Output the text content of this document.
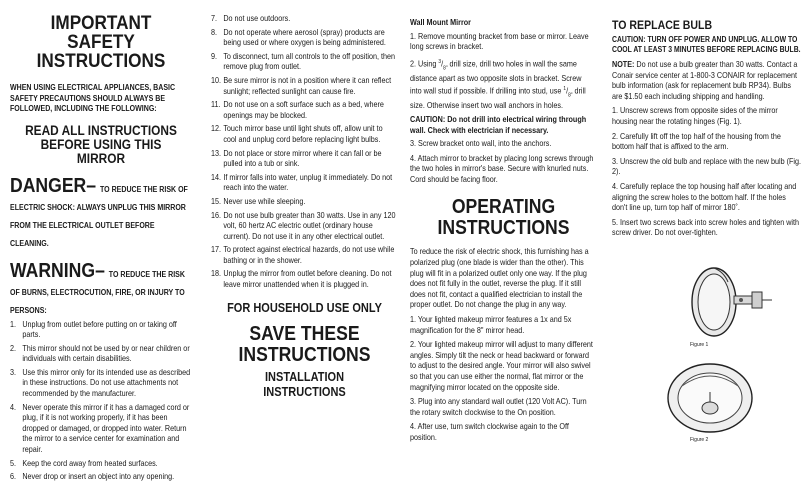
IMPORTANT SAFETY INSTRUCTIONS

WHEN USING ELECTRICAL APPLIANCES, BASIC SAFETY PRECAUTIONS SHOULD ALWAYS BE FOLLOWED, INCLUDING THE FOLLOWING:

READ ALL INSTRUCTIONS BEFORE USING THIS MIRROR
DANGER– TO REDUCE THE RISK OF ELECTRIC SHOCK: ALWAYS UNPLUG THIS MIRROR FROM THE ELECTRICAL OUTLET BEFORE CLEANING.
WARNING– TO REDUCE THE RISK OF BURNS, ELECTROCUTION, FIRE, OR INJURY TO PERSONS:
1. Unplug from outlet before putting on or taking off parts.
2. This mirror should not be used by or near children or individuals with certain disabilities.
3. Use this mirror only for its intended use as described in these instructions. Do not use attachments not recommended by the manufacturer.
4. Never operate this mirror if it has a damaged cord or plug, if it is not working properly, if it has been dropped or damaged, or dropped into water. Return the mirror to a service center for examination and repair.
5. Keep the cord away from heated surfaces.
6. Never drop or insert an object into any opening.
7. Do not use outdoors.
8. Do not operate where aerosol (spray) products are being used or where oxygen is being administered.
9. To disconnect, turn all controls to the off position, then remove plug from outlet.
10. Be sure mirror is not in a position where it can reflect sunlight; reflected sunlight can cause fire.
11. Do not use on a soft surface such as a bed, where openings may be blocked.
12. Touch mirror base until light shuts off, allow unit to cool and unplug cord before replacing light bulbs.
13. Do not place or store mirror where it can fall or be pulled into a tub or sink.
14. If mirror falls into water, unplug it immediately. Do not reach into the water.
15. Never use while sleeping.
16. Do not use bulb greater than 30 watts. Use in any 120 volt, 60 hertz AC electric outlet (ordinary house current). Do not use it in any other electrical outlet.
17. To protect against electrical hazards, do not use while bathing or in the shower.
18. Unplug the mirror from outlet before cleaning. Do not leave mirror unattended when it is plugged in.
FOR HOUSEHOLD USE ONLY
SAVE THESE INSTRUCTIONS
INSTALLATION INSTRUCTIONS

Wall Mount Mirror

1. Remove mounting bracket from base or mirror. Leave long screws in bracket.

2. Using $^3/_{8"}$ drill size, drill two holes in wall the same distance apart as two opposite slots in bracket. Screw into wall stud if possible. If drilling into stud, use $^1/_{8"}$ drill size. Otherwise insert two wall anchors in holes.

CAUTION: Do not drill into electrical wiring through wall. Check with electrician if necessary.

3. Screw bracket onto wall, into the anchors.

4. Attach mirror to bracket by placing long screws through the two holes in mirror's base. Secure with knurled nuts. Cord should be facing floor.

OPERATING INSTRUCTIONS

To reduce the risk of electric shock, this furnishing has a polarized plug (one blade is wider than the other). This plug will fit in a polarized outlet only one way. If the plug does not fit fully in the outlet, reverse the plug. If it still does not fit, contact a qualified electrician to install the proper outlet. Do not change the plug in any way.

1. Your lighted makeup mirror features a 1x and 5x magnification for the 8" mirror head.

2. Your lighted makeup mirror will adjust to many different angles. Simply tilt the neck or head backward or forward to adjust to the desired angle. Your mirror will also swivel so that you can use either the normal, flat mirror or the magnifying mirror located on the opposite side.

3. Plug into any standard wall outlet (120 Volt AC). Turn the rotary switch clockwise to the On position.

4. After use, turn switch clockwise again to the Off position.

TO REPLACE BULB

CAUTION: TURN OFF POWER AND UNPLUG. ALLOW TO COOL AT LEAST 3 MINUTES BEFORE REPLACING BULB.

NOTE: Do not use a bulb greater than 30 watts. Contact a Conair service center at 1-800-3 CONAIR for replacement bulb information (ask for replacement bulb RP34). Bulbs are $1.50 each including shipping and handling.

1. Unscrew screws from opposite sides of the mirror housing near the rotating hinges (Fig. 1).

2. Carefully lift off the top half of the housing from the bottom half that is affixed to the arm.

3. Unscrew the old bulb and replace with the new bulb (Fig. 2).

4. Carefully replace the top housing half after locating and aligning the screw holes to the bottom half. If the holes don't line up, turn top half of mirror 180˚.

5. Insert two screws back into screw holes and tighten with screw driver. Do not over-tighten.

Figure 1
Figure 2
